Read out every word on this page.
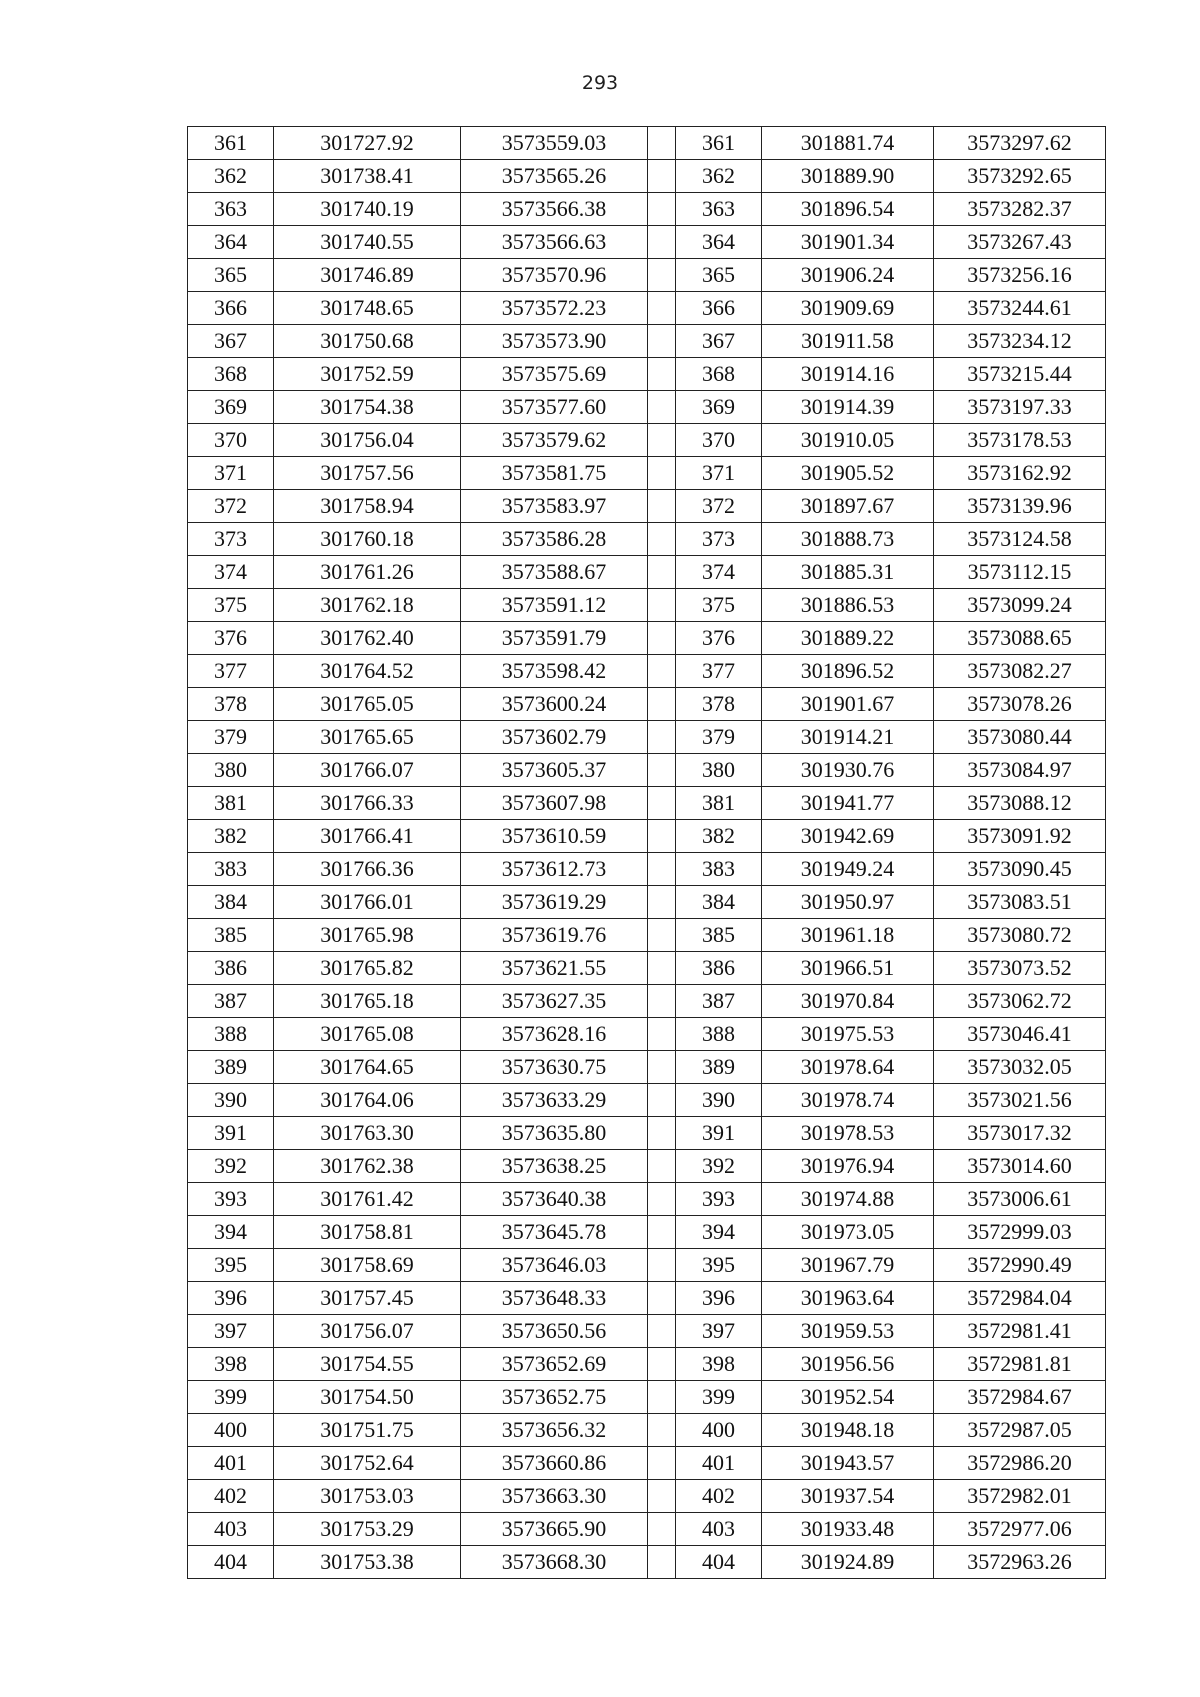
293
361	301727.92	3573559.03		361	301881.74	3573297.62
362	301738.41	3573565.26		362	301889.90	3573292.65
363	301740.19	3573566.38		363	301896.54	3573282.37
364	301740.55	3573566.63		364	301901.34	3573267.43
365	301746.89	3573570.96		365	301906.24	3573256.16
366	301748.65	3573572.23		366	301909.69	3573244.61
367	301750.68	3573573.90		367	301911.58	3573234.12
368	301752.59	3573575.69		368	301914.16	3573215.44
369	301754.38	3573577.60		369	301914.39	3573197.33
370	301756.04	3573579.62		370	301910.05	3573178.53
371	301757.56	3573581.75		371	301905.52	3573162.92
372	301758.94	3573583.97		372	301897.67	3573139.96
373	301760.18	3573586.28		373	301888.73	3573124.58
374	301761.26	3573588.67		374	301885.31	3573112.15
375	301762.18	3573591.12		375	301886.53	3573099.24
376	301762.40	3573591.79		376	301889.22	3573088.65
377	301764.52	3573598.42		377	301896.52	3573082.27
378	301765.05	3573600.24		378	301901.67	3573078.26
379	301765.65	3573602.79		379	301914.21	3573080.44
380	301766.07	3573605.37		380	301930.76	3573084.97
381	301766.33	3573607.98		381	301941.77	3573088.12
382	301766.41	3573610.59		382	301942.69	3573091.92
383	301766.36	3573612.73		383	301949.24	3573090.45
384	301766.01	3573619.29		384	301950.97	3573083.51
385	301765.98	3573619.76		385	301961.18	3573080.72
386	301765.82	3573621.55		386	301966.51	3573073.52
387	301765.18	3573627.35		387	301970.84	3573062.72
388	301765.08	3573628.16		388	301975.53	3573046.41
389	301764.65	3573630.75		389	301978.64	3573032.05
390	301764.06	3573633.29		390	301978.74	3573021.56
391	301763.30	3573635.80		391	301978.53	3573017.32
392	301762.38	3573638.25		392	301976.94	3573014.60
393	301761.42	3573640.38		393	301974.88	3573006.61
394	301758.81	3573645.78		394	301973.05	3572999.03
395	301758.69	3573646.03		395	301967.79	3572990.49
396	301757.45	3573648.33		396	301963.64	3572984.04
397	301756.07	3573650.56		397	301959.53	3572981.41
398	301754.55	3573652.69		398	301956.56	3572981.81
399	301754.50	3573652.75		399	301952.54	3572984.67
400	301751.75	3573656.32		400	301948.18	3572987.05
401	301752.64	3573660.86		401	301943.57	3572986.20
402	301753.03	3573663.30		402	301937.54	3572982.01
403	301753.29	3573665.90		403	301933.48	3572977.06
404	301753.38	3573668.30		404	301924.89	3572963.26
